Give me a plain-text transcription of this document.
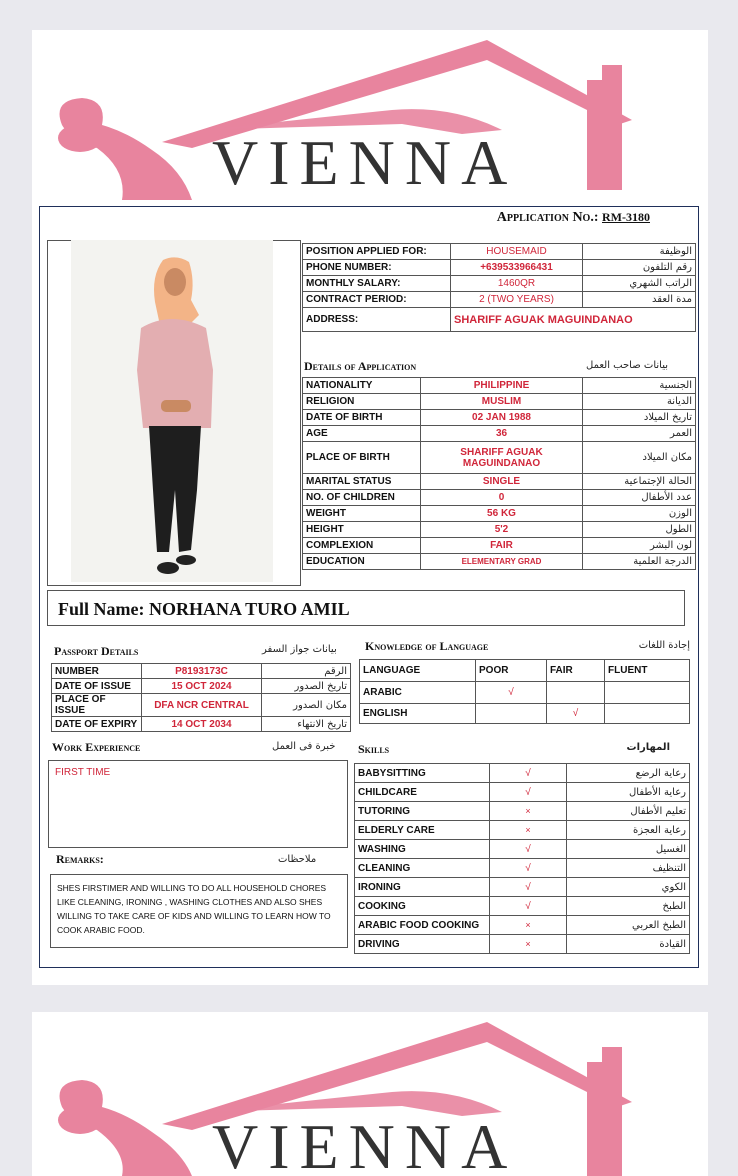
VIENNA
Application No.: RM-3180
POSITION APPLIED FOR:	HOUSEMAID	الوظيفة
PHONE NUMBER:	+639533966431	رقم التلفون
MONTHLY SALARY:	1460QR	الراتب الشهري
CONTRACT PERIOD:	2 (TWO YEARS)	مدة العقد
ADDRESS:	SHARIFF AGUAK MAGUINDANAO	
Details of Application	بيانات صاحب العمل
NATIONALITY	PHILIPPINE	الجنسية
RELIGION	MUSLIM	الديانة
DATE OF BIRTH	02 JAN 1988	تاريخ الميلاد
AGE	36	العمر
PLACE OF BIRTH	SHARIFF AGUAK MAGUINDANAO	مكان الميلاد
MARITAL STATUS	SINGLE	الحالة الإجتماعية
NO. OF CHILDREN	0	عدد الأطفال
WEIGHT	56 KG	الوزن
HEIGHT	5'2	الطول
COMPLEXION	FAIR	لون البشر
EDUCATION	ELEMENTARY GRAD	الدرجة العلمية
Full Name: NORHANA TURO AMIL
Passport Details	بيانات جواز السفر
NUMBER	P8193173C	الرقم
DATE OF ISSUE	15 OCT 2024	تاريخ الصدور
PLACE OF ISSUE	DFA NCR CENTRAL	مكان الصدور
DATE OF EXPIRY	14 OCT 2034	تاريخ الانتهاء
Knowledge of Language	إجادة اللغات
LANGUAGE	POOR	FAIR	FLUENT
ARABIC	√		
ENGLISH		√	
Work Experience	خبرة فى العمل
FIRST TIME
Remarks:	ملاحظات
SHES FIRSTIMER AND WILLING TO DO ALL HOUSEHOLD CHORES LIKE CLEANING, IRONING , WASHING CLOTHES AND ALSO SHES WILLING TO TAKE CARE OF KIDS AND WILLING TO LEARN HOW TO COOK ARABIC FOOD.
Skills	المهارات
BABYSITTING	√	رعاية الرضع
CHILDCARE	√	رعاية الأطفال
TUTORING	×	تعليم الأطفال
ELDERLY CARE	×	رعاية العجزة
WASHING	√	الغسيل
CLEANING	√	التنظيف
IRONING	√	الكوي
COOKING	√	الطبخ
ARABIC FOOD COOKING	×	الطبخ العربي
DRIVING	×	القيادة
VIENNA
